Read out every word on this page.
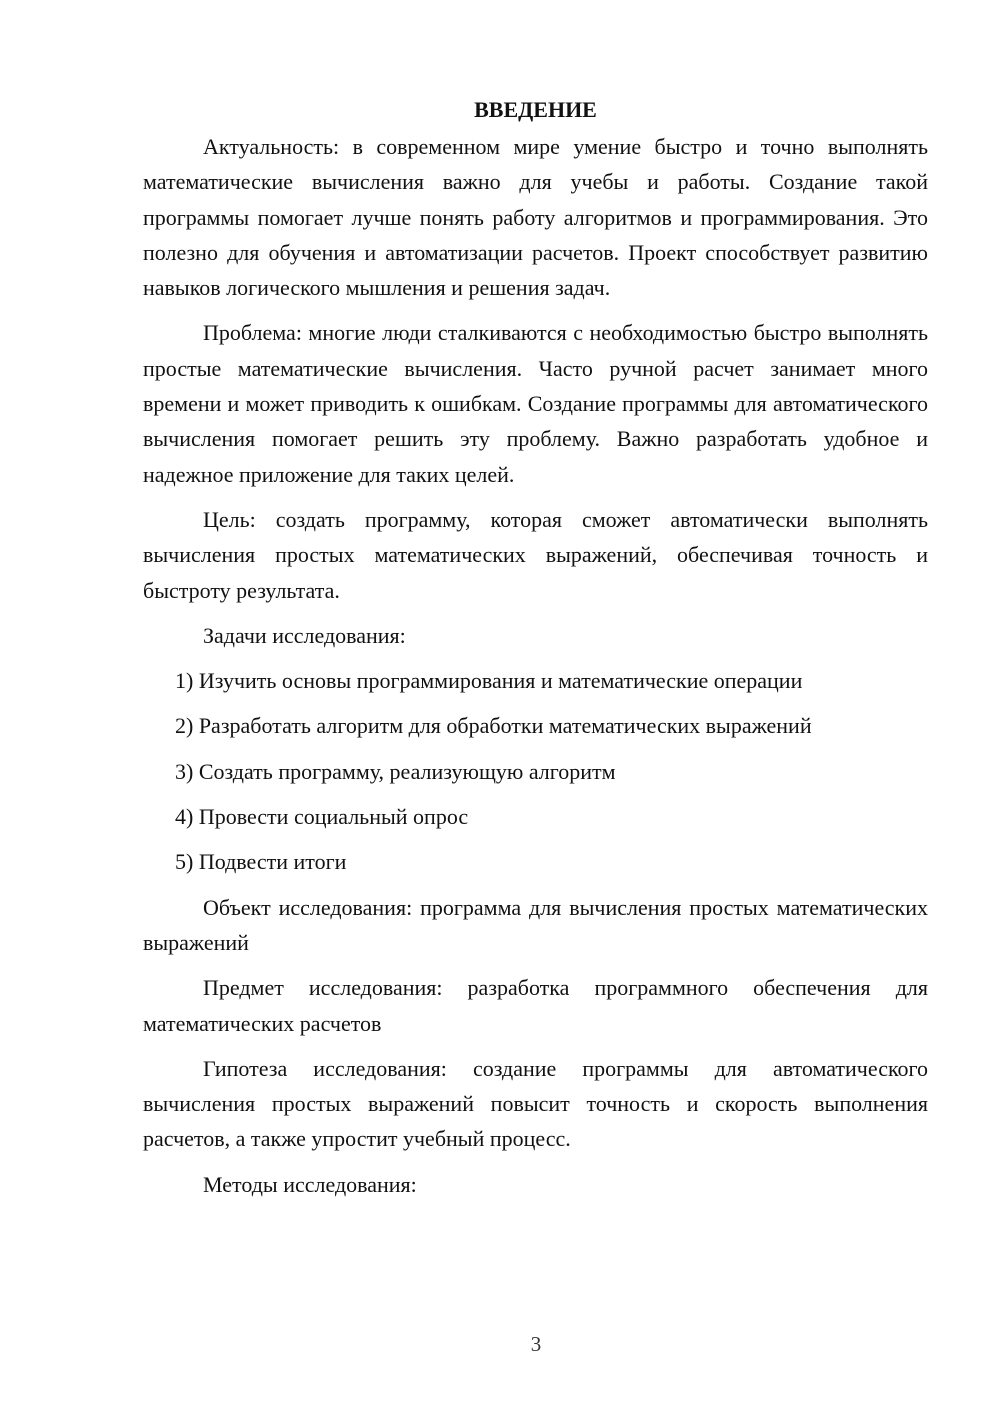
ВВЕДЕНИЕ

Актуальность: в современном мире умение быстро и точно выполнять математические вычисления важно для учебы и работы. Создание такой программы помогает лучше понять работу алгоритмов и программирования. Это полезно для обучения и автоматизации расчетов. Проект способствует развитию навыков логического мышления и решения задач.

Проблема: многие люди сталкиваются с необходимостью быстро выполнять простые математические вычисления. Часто ручной расчет занимает много времени и может приводить к ошибкам. Создание программы для автоматического вычисления помогает решить эту проблему. Важно разработать удобное и надежное приложение для таких целей.

Цель: создать программу, которая сможет автоматически выполнять вычисления простых математических выражений, обеспечивая точность и быстроту результата.

Задачи исследования:

1) Изучить основы программирования и математические операции

2) Разработать алгоритм для обработки математических выражений

3) Создать программу, реализующую алгоритм

4) Провести социальный опрос

5) Подвести итоги

Объект исследования: программа для вычисления простых математических выражений

Предмет исследования: разработка программного обеспечения для математических расчетов

Гипотеза исследования: создание программы для автоматического вычисления простых выражений повысит точность и скорость выполнения расчетов, а также упростит учебный процесс.

Методы исследования:

3
